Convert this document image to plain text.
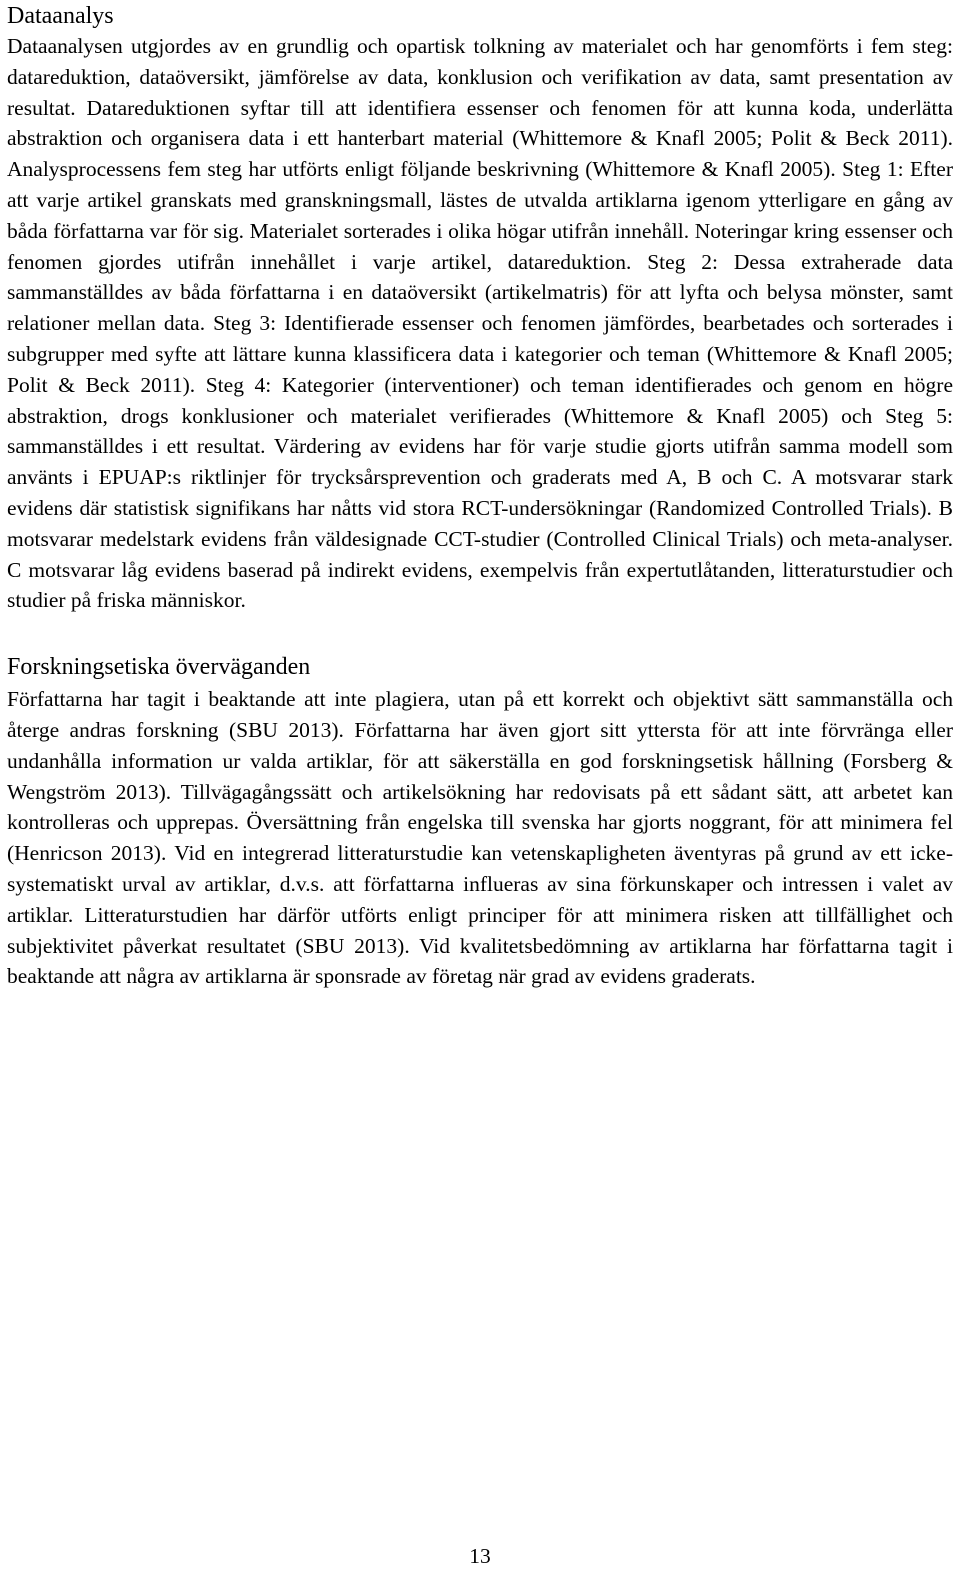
Dataanalys

Dataanalysen utgjordes av en grundlig och opartisk tolkning av materialet och har genomförts i fem steg: datareduktion, dataöversikt, jämförelse av data, konklusion och verifikation av data, samt presentation av resultat. Datareduktionen syftar till att identifiera essenser och fenomen för att kunna koda, underlätta abstraktion och organisera data i ett hanterbart material (Whittemore & Knafl 2005; Polit & Beck 2011). Analysprocessens fem steg har utförts enligt följande beskrivning (Whittemore & Knafl 2005). Steg 1: Efter att varje artikel granskats med granskningsmall, lästes de utvalda artiklarna igenom ytterligare en gång av båda författarna var för sig. Materialet sorterades i olika högar utifrån innehåll. Noteringar kring essenser och fenomen gjordes utifrån innehållet i varje artikel, datareduktion. Steg 2: Dessa extraherade data sammanställdes av båda författarna i en dataöversikt (artikelmatris) för att lyfta och belysa mönster, samt relationer mellan data. Steg 3: Identifierade essenser och fenomen jämfördes, bearbetades och sorterades i subgrupper med syfte att lättare kunna klassificera data i kategorier och teman (Whittemore & Knafl 2005; Polit & Beck 2011). Steg 4: Kategorier (interventioner) och teman identifierades och genom en högre abstraktion, drogs konklusioner och materialet verifierades (Whittemore & Knafl 2005) och Steg 5: sammanställdes i ett resultat. Värdering av evidens har för varje studie gjorts utifrån samma modell som använts i EPUAP:s riktlinjer för trycksårsprevention och graderats med A, B och C. A motsvarar stark evidens där statistisk signifikans har nåtts vid stora RCT-undersökningar (Randomized Controlled Trials). B motsvarar medelstark evidens från väldesignade CCT-studier (Controlled Clinical Trials) och meta-analyser. C motsvarar låg evidens baserad på indirekt evidens, exempelvis från expertutlåtanden, litteraturstudier och studier på friska människor.

Forskningsetiska överväganden

Författarna har tagit i beaktande att inte plagiera, utan på ett korrekt och objektivt sätt sammanställa och återge andras forskning (SBU 2013). Författarna har även gjort sitt yttersta för att inte förvränga eller undanhålla information ur valda artiklar, för att säkerställa en god forskningsetisk hållning (Forsberg & Wengström 2013). Tillvägagångssätt och artikelsökning har redovisats på ett sådant sätt, att arbetet kan kontrolleras och upprepas. Översättning från engelska till svenska har gjorts noggrant, för att minimera fel (Henricson 2013). Vid en integrerad litteraturstudie kan vetenskapligheten äventyras på grund av ett icke-systematiskt urval av artiklar, d.v.s. att författarna influeras av sina förkunskaper och intressen i valet av artiklar. Litteraturstudien har därför utförts enligt principer för att minimera risken att tillfällighet och subjektivitet påverkat resultatet (SBU 2013). Vid kvalitetsbedömning av artiklarna har författarna tagit i beaktande att några av artiklarna är sponsrade av företag när grad av evidens graderats.

13
